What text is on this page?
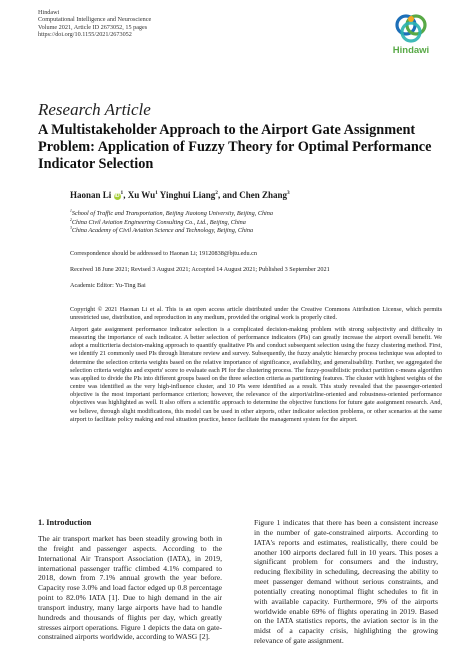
Hindawi
Computational Intelligence and Neuroscience
Volume 2021, Article ID 2673052, 15 pages
https://doi.org/10.1155/2021/2673052
Hindawi
Research Article
A Multistakeholder Approach to the Airport Gate Assignment Problem: Application of Fuzzy Theory for Optimal Performance Indicator Selection
Haonan Li $iD^1$, Xu Wu$^1$ Yinghui Liang$^2$, and Chen Zhang$^3$
$^1$School of Traffic and Transportation, Beijing Jiaotong University, Beijing, China
$^2$China Civil Aviation Engineering Consulting Co., Ltd., Beijing, China
$^3$China Academy of Civil Aviation Science and Technology, Beijing, China
Correspondence should be addressed to Haonan Li; 19120838@bjtu.edu.cn
Received 18 June 2021; Revised 3 August 2021; Accepted 14 August 2021; Published 3 September 2021
Academic Editor: Yu-Ting Bai
Copyright © 2021 Haonan Li et al. This is an open access article distributed under the Creative Commons Attribution License, which permits unrestricted use, distribution, and reproduction in any medium, provided the original work is properly cited.
Airport gate assignment performance indicator selection is a complicated decision-making problem with strong subjectivity and difficulty in measuring the importance of each indicator. A better selection of performance indicators (PIs) can greatly increase the airport overall benefit. We adopt a multicriteria decision-making approach to quantify qualitative PIs and conduct subsequent selection using the fuzzy clustering method. First, we identify 21 commonly used PIs through literature review and survey. Subsequently, the fuzzy analytic hierarchy process technique was adopted to determine the selection criteria weights based on the relative importance of significance, availability, and generalisability. Further, we aggregated the selection criteria weights and experts' score to evaluate each PI for the clustering process. The fuzzy-possibilistic product partition c-means algorithm was applied to divide the PIs into different groups based on the three selection criteria as partitioning features. The cluster with highest weights of the centre was identified as the very high-influence cluster, and 10 PIs were identified as a result. This study revealed that the passenger-oriented objective is the most important performance criterion; however, the relevance of the airport/airline-oriented and robustness-oriented performance objectives was highlighted as well. It also offers a scientific approach to determine the objective functions for future gate assignment research. And, we believe, through slight modifications, this model can be used in other airports, other indicator selection problems, or other scenarios at the same airport to facilitate policy making and real situation practice, hence facilitate the management system for the airport.
1. Introduction
The air transport market has been steadily growing both in the freight and passenger aspects. According to the International Air Transport Association (IATA), in 2019, international passenger traffic climbed 4.1% compared to 2018, down from 7.1% annual growth the year before. Capacity rose 3.0% and load factor edged up 0.8 percentage point to 82.0% IATA [1]. Due to high demand in the air transport industry, many large airports have had to handle hundreds and thousands of flights per day, which greatly stresses airport operations. Figure 1 depicts the data on gate-constrained airports worldwide, according to WASG [2].
Figure 1 indicates that there has been a consistent increase in the number of gate-constrained airports. According to IATA's reports and estimates, realistically, there could be another 100 airports declared full in 10 years. This poses a significant problem for consumers and the industry, reducing flexibility in scheduling, decreasing the ability to meet passenger demand without serious constraints, and potentially creating nonoptimal flight schedules to fit in with available capacity. Furthermore, 9% of the airports worldwide enable 69% of flights operating in 2019. Based on the IATA statistics reports, the aviation sector is in the midst of a capacity crisis, highlighting the growing relevance of gate assignment.
